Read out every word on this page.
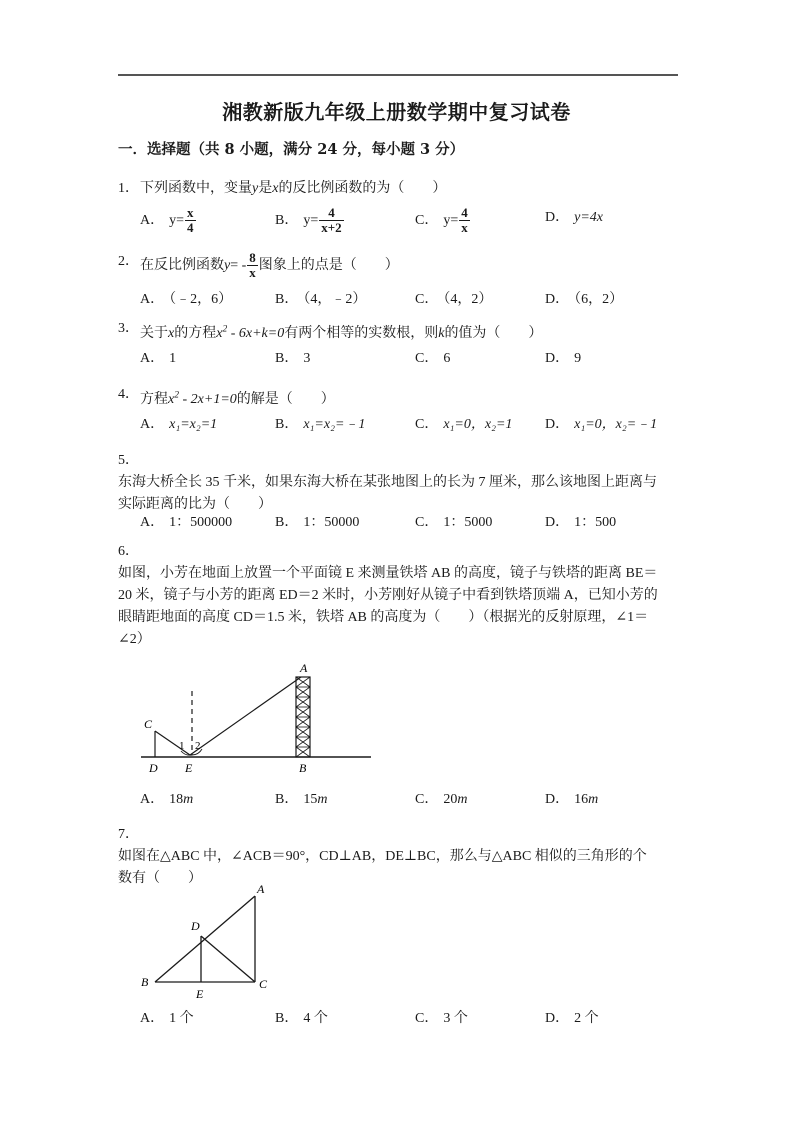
湘教新版九年级上册数学期中复习试卷
一．选择题（共 8 小题，满分 24 分，每小题 3 分）
1． 下列函数中，变量y是x的反比例函数的为（　　）
A． $y= \frac{x}{4}$	B． $y= \frac{4}{x+2}$	C． $y= \frac{4}{x}$	D． y=4x
2． 在反比例函数$y= - \frac{8}{x}$ 图象上的点是（　　）
A． （﹣2，6）	B． （4，﹣2）	C． （4，2）	D． （6，2）
3． 关于x的方程$x^2 - 6x+k=0$有两个相等的实数根，则k的值为（　　）
A． 1	B． 3	C． 6	D． 9
4． 方程$x^2 - 2x+1=0$的解是（　　）
A． x₁=x₂=1	B． x₁=x₂=﹣1	C． x₁=0，x₂=1 D． x₁=0，x₂=﹣1
5．
东海大桥全长 35 千米，如果东海大桥在某张地图上的长为 7 厘米，那么该地图上距离与
实际距离的比为（　　）
A． 1：500000	B． 1：50000	C． 1：5000	D． 1：500
6．
如图，小芳在地面上放置一个平面镜 E 来测量铁塔 AB 的高度，镜子与铁塔的距离 BE＝
20 米，镜子与小芳的距离 ED＝2 米时，小芳刚好从镜子中看到铁塔顶端 A，已知小芳的
眼睛距地面的高度 CD＝1.5 米，铁塔 AB 的高度为（　　）（根据光的反射原理，∠1＝
∠2）
A
B
C
D E
1 2
A． 18m	B． 15m	C． 20m	D． 16m
7．
如图在△ABC 中，∠ACB＝90°，CD⊥AB，DE⊥BC，那么与△ABC 相似的三角形的个
数有（　　）
A
B	C
D
E
A． 1 个	B． 4 个	C． 3 个	D． 2 个
